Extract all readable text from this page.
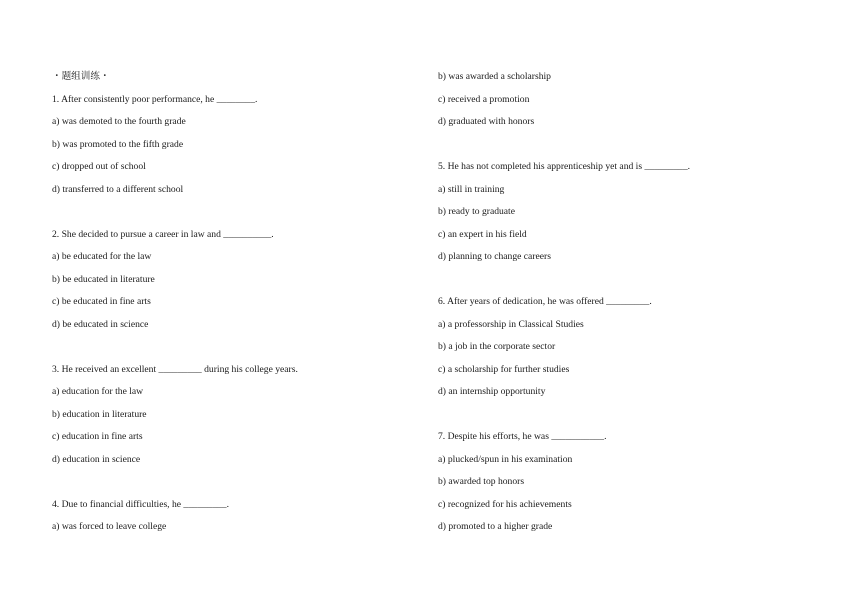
・题组训练・
1. After consistently poor performance, he ________.
a) was demoted to the fourth grade
b) was promoted to the fifth grade
c) dropped out of school
d) transferred to a different school
2. She decided to pursue a career in law and __________.
a) be educated for the law
b) be educated in literature
c) be educated in fine arts
d) be educated in science
3. He received an excellent _________ during his college years.
a) education for the law
b) education in literature
c) education in fine arts
d) education in science
4. Due to financial difficulties, he _________.
a) was forced to leave college
b) was awarded a scholarship
c) received a promotion
d) graduated with honors
5. He has not completed his apprenticeship yet and is _________.
a) still in training
b) ready to graduate
c) an expert in his field
d) planning to change careers
6. After years of dedication, he was offered _________.
a) a professorship in Classical Studies
b) a job in the corporate sector
c) a scholarship for further studies
d) an internship opportunity
7. Despite his efforts, he was ___________.
a) plucked/spun in his examination
b) awarded top honors
c) recognized for his achievements
d) promoted to a higher grade
